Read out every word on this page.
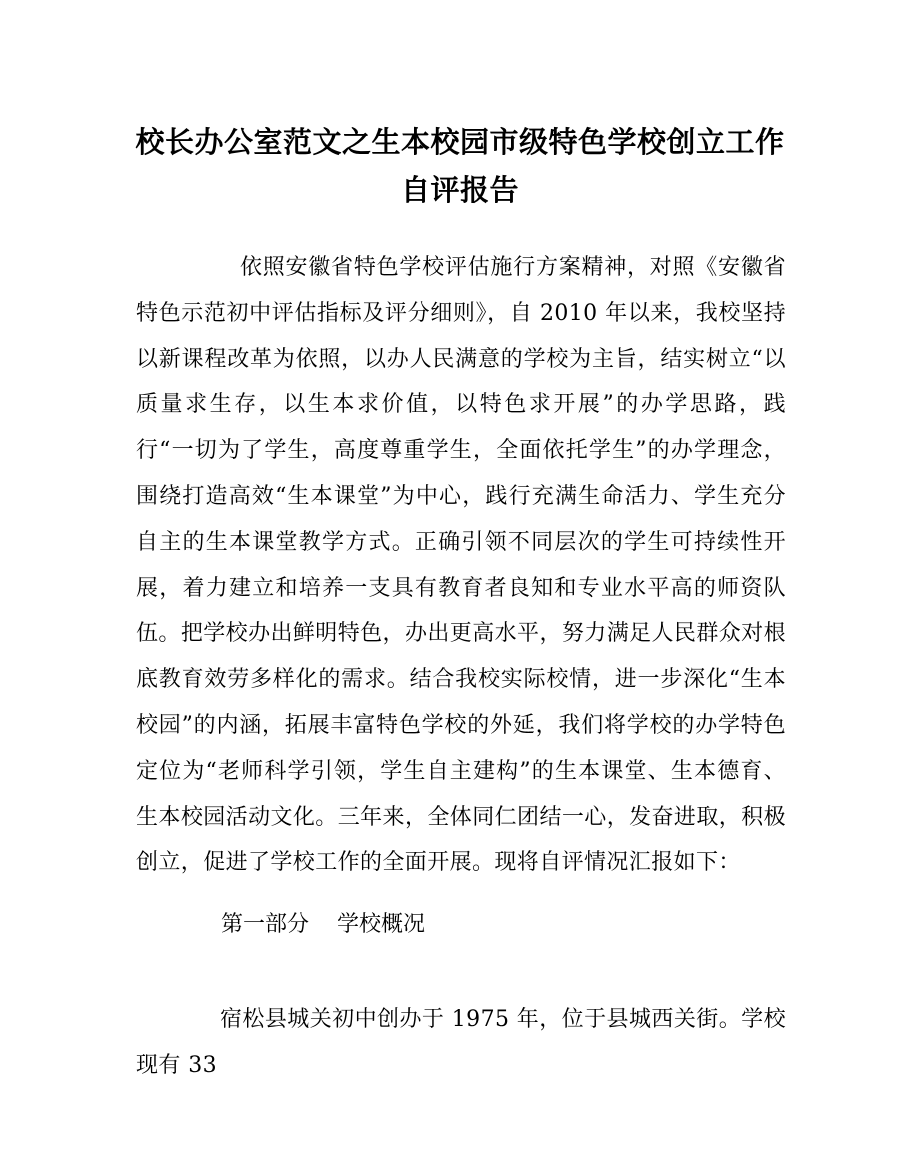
校长办公室范文之生本校园市级特色学校创立工作自评报告
依照安徽省特色学校评估施行方案精神，对照《安徽省特色示范初中评估指标及评分细则》，自 2010 年以来，我校坚持以新课程改革为依照，以办人民满意的学校为主旨，结实树立“以质量求生存，以生本求价值，以特色求开展”的办学思路，践行“一切为了学生，高度尊重学生，全面依托学生”的办学理念，围绕打造高效“生本课堂”为中心，践行充满生命活力、学生充分自主的生本课堂教学方式。正确引领不同层次的学生可持续性开展，着力建立和培养一支具有教育者良知和专业水平高的师资队伍。把学校办出鲜明特色，办出更高水平，努力满足人民群众对根底教育效劳多样化的需求。结合我校实际校情，进一步深化“生本校园”的内涵，拓展丰富特色学校的外延，我们将学校的办学特色定位为“老师科学引领，学生自主建构”的生本课堂、生本德育、生本校园活动文化。三年来，全体同仁团结一心，发奋进取，积极创立，促进了学校工作的全面开展。现将自评情况汇报如下：
第一部分    学校概况
宿松县城关初中创办于 1975 年，位于县城西关街。学校现有 33
